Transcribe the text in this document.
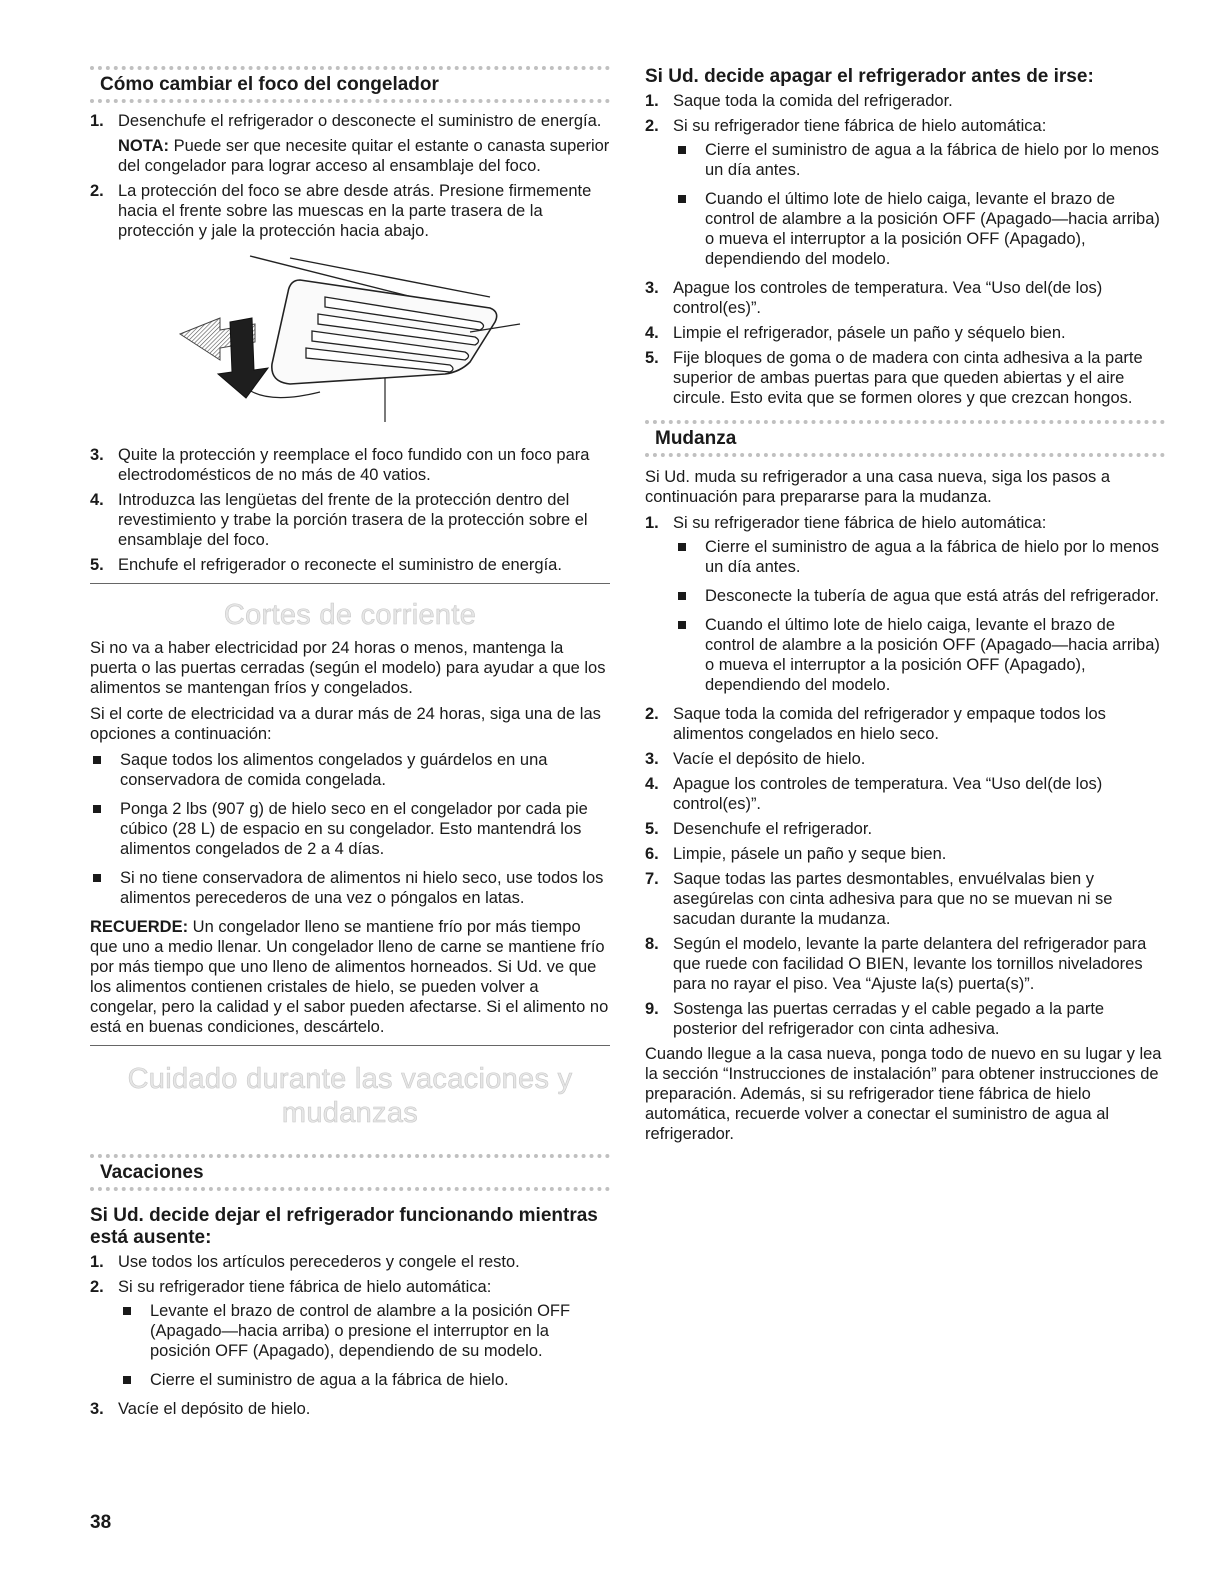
Cómo cambiar el foco del congelador
1. Desenchufe el refrigerador o desconecte el suministro de energía.
NOTA: Puede ser que necesite quitar el estante o canasta superior del congelador para lograr acceso al ensamblaje del foco.
2. La protección del foco se abre desde atrás. Presione firmemente hacia el frente sobre las muescas en la parte trasera de la protección y jale la protección hacia abajo.
3. Quite la protección y reemplace el foco fundido con un foco para electrodomésticos de no más de 40 vatios.
4. Introduzca las lengüetas del frente de la protección dentro del revestimiento y trabe la porción trasera de la protección sobre el ensamblaje del foco.
5. Enchufe el refrigerador o reconecte el suministro de energía.
Cortes de corriente

Si no va a haber electricidad por 24 horas o menos, mantenga la puerta o las puertas cerradas (según el modelo) para ayudar a que los alimentos se mantengan fríos y congelados.

Si el corte de electricidad va a durar más de 24 horas, siga una de las opciones a continuación:

Saque todos los alimentos congelados y guárdelos en una conservadora de comida congelada.
Ponga 2 lbs (907 g) de hielo seco en el congelador por cada pie cúbico (28 L) de espacio en su congelador. Esto mantendrá los alimentos congelados de 2 a 4 días.
Si no tiene conservadora de alimentos ni hielo seco, use todos los alimentos perecederos de una vez o póngalos en latas.

RECUERDE: Un congelador lleno se mantiene frío por más tiempo que uno a medio llenar. Un congelador lleno de carne se mantiene frío por más tiempo que uno lleno de alimentos horneados. Si Ud. ve que los alimentos contienen cristales de hielo, se pueden volver a congelar, pero la calidad y el sabor pueden afectarse. Si el alimento no está en buenas condiciones, descártelo.

Cuidado durante las vacaciones y
mudanzas
Vacaciones
Si Ud. decide dejar el refrigerador funcionando mientras está ausente:
1. Use todos los artículos perecederos y congele el resto.
2. Si su refrigerador tiene fábrica de hielo automática:
Levante el brazo de control de alambre a la posición OFF (Apagado—hacia arriba) o presione el interruptor en la posición OFF (Apagado), dependiendo de su modelo.
Cierre el suministro de agua a la fábrica de hielo.
3. Vacíe el depósito de hielo.
Si Ud. decide apagar el refrigerador antes de irse:
1. Saque toda la comida del refrigerador.
2. Si su refrigerador tiene fábrica de hielo automática:
Cierre el suministro de agua a la fábrica de hielo por lo menos un día antes.
Cuando el último lote de hielo caiga, levante el brazo de control de alambre a la posición OFF (Apagado—hacia arriba) o mueva el interruptor a la posición OFF (Apagado), dependiendo del modelo.
3. Apague los controles de temperatura. Vea “Uso del(de los) control(es)”.
4. Limpie el refrigerador, pásele un paño y séquelo bien.
5. Fije bloques de goma o de madera con cinta adhesiva a la parte superior de ambas puertas para que queden abiertas y el aire circule. Esto evita que se formen olores y que crezcan hongos.
Mudanza

Si Ud. muda su refrigerador a una casa nueva, siga los pasos a continuación para prepararse para la mudanza.

1. Si su refrigerador tiene fábrica de hielo automática:
Cierre el suministro de agua a la fábrica de hielo por lo menos un día antes.
Desconecte la tubería de agua que está atrás del refrigerador.
Cuando el último lote de hielo caiga, levante el brazo de control de alambre a la posición OFF (Apagado—hacia arriba) o mueva el interruptor a la posición OFF (Apagado), dependiendo del modelo.
2. Saque toda la comida del refrigerador y empaque todos los alimentos congelados en hielo seco.
3. Vacíe el depósito de hielo.
4. Apague los controles de temperatura. Vea “Uso del(de los) control(es)”.
5. Desenchufe el refrigerador.
6. Limpie, pásele un paño y seque bien.
7. Saque todas las partes desmontables, envuélvalas bien y asegúrelas con cinta adhesiva para que no se muevan ni se sacudan durante la mudanza.
8. Según el modelo, levante la parte delantera del refrigerador para que ruede con facilidad O BIEN, levante los tornillos niveladores para no rayar el piso. Vea “Ajuste la(s) puerta(s)”.
9. Sostenga las puertas cerradas y el cable pegado a la parte posterior del refrigerador con cinta adhesiva.

Cuando llegue a la casa nueva, ponga todo de nuevo en su lugar y lea la sección “Instrucciones de instalación” para obtener instrucciones de preparación. Además, si su refrigerador tiene fábrica de hielo automática, recuerde volver a conectar el suministro de agua al refrigerador.

38
